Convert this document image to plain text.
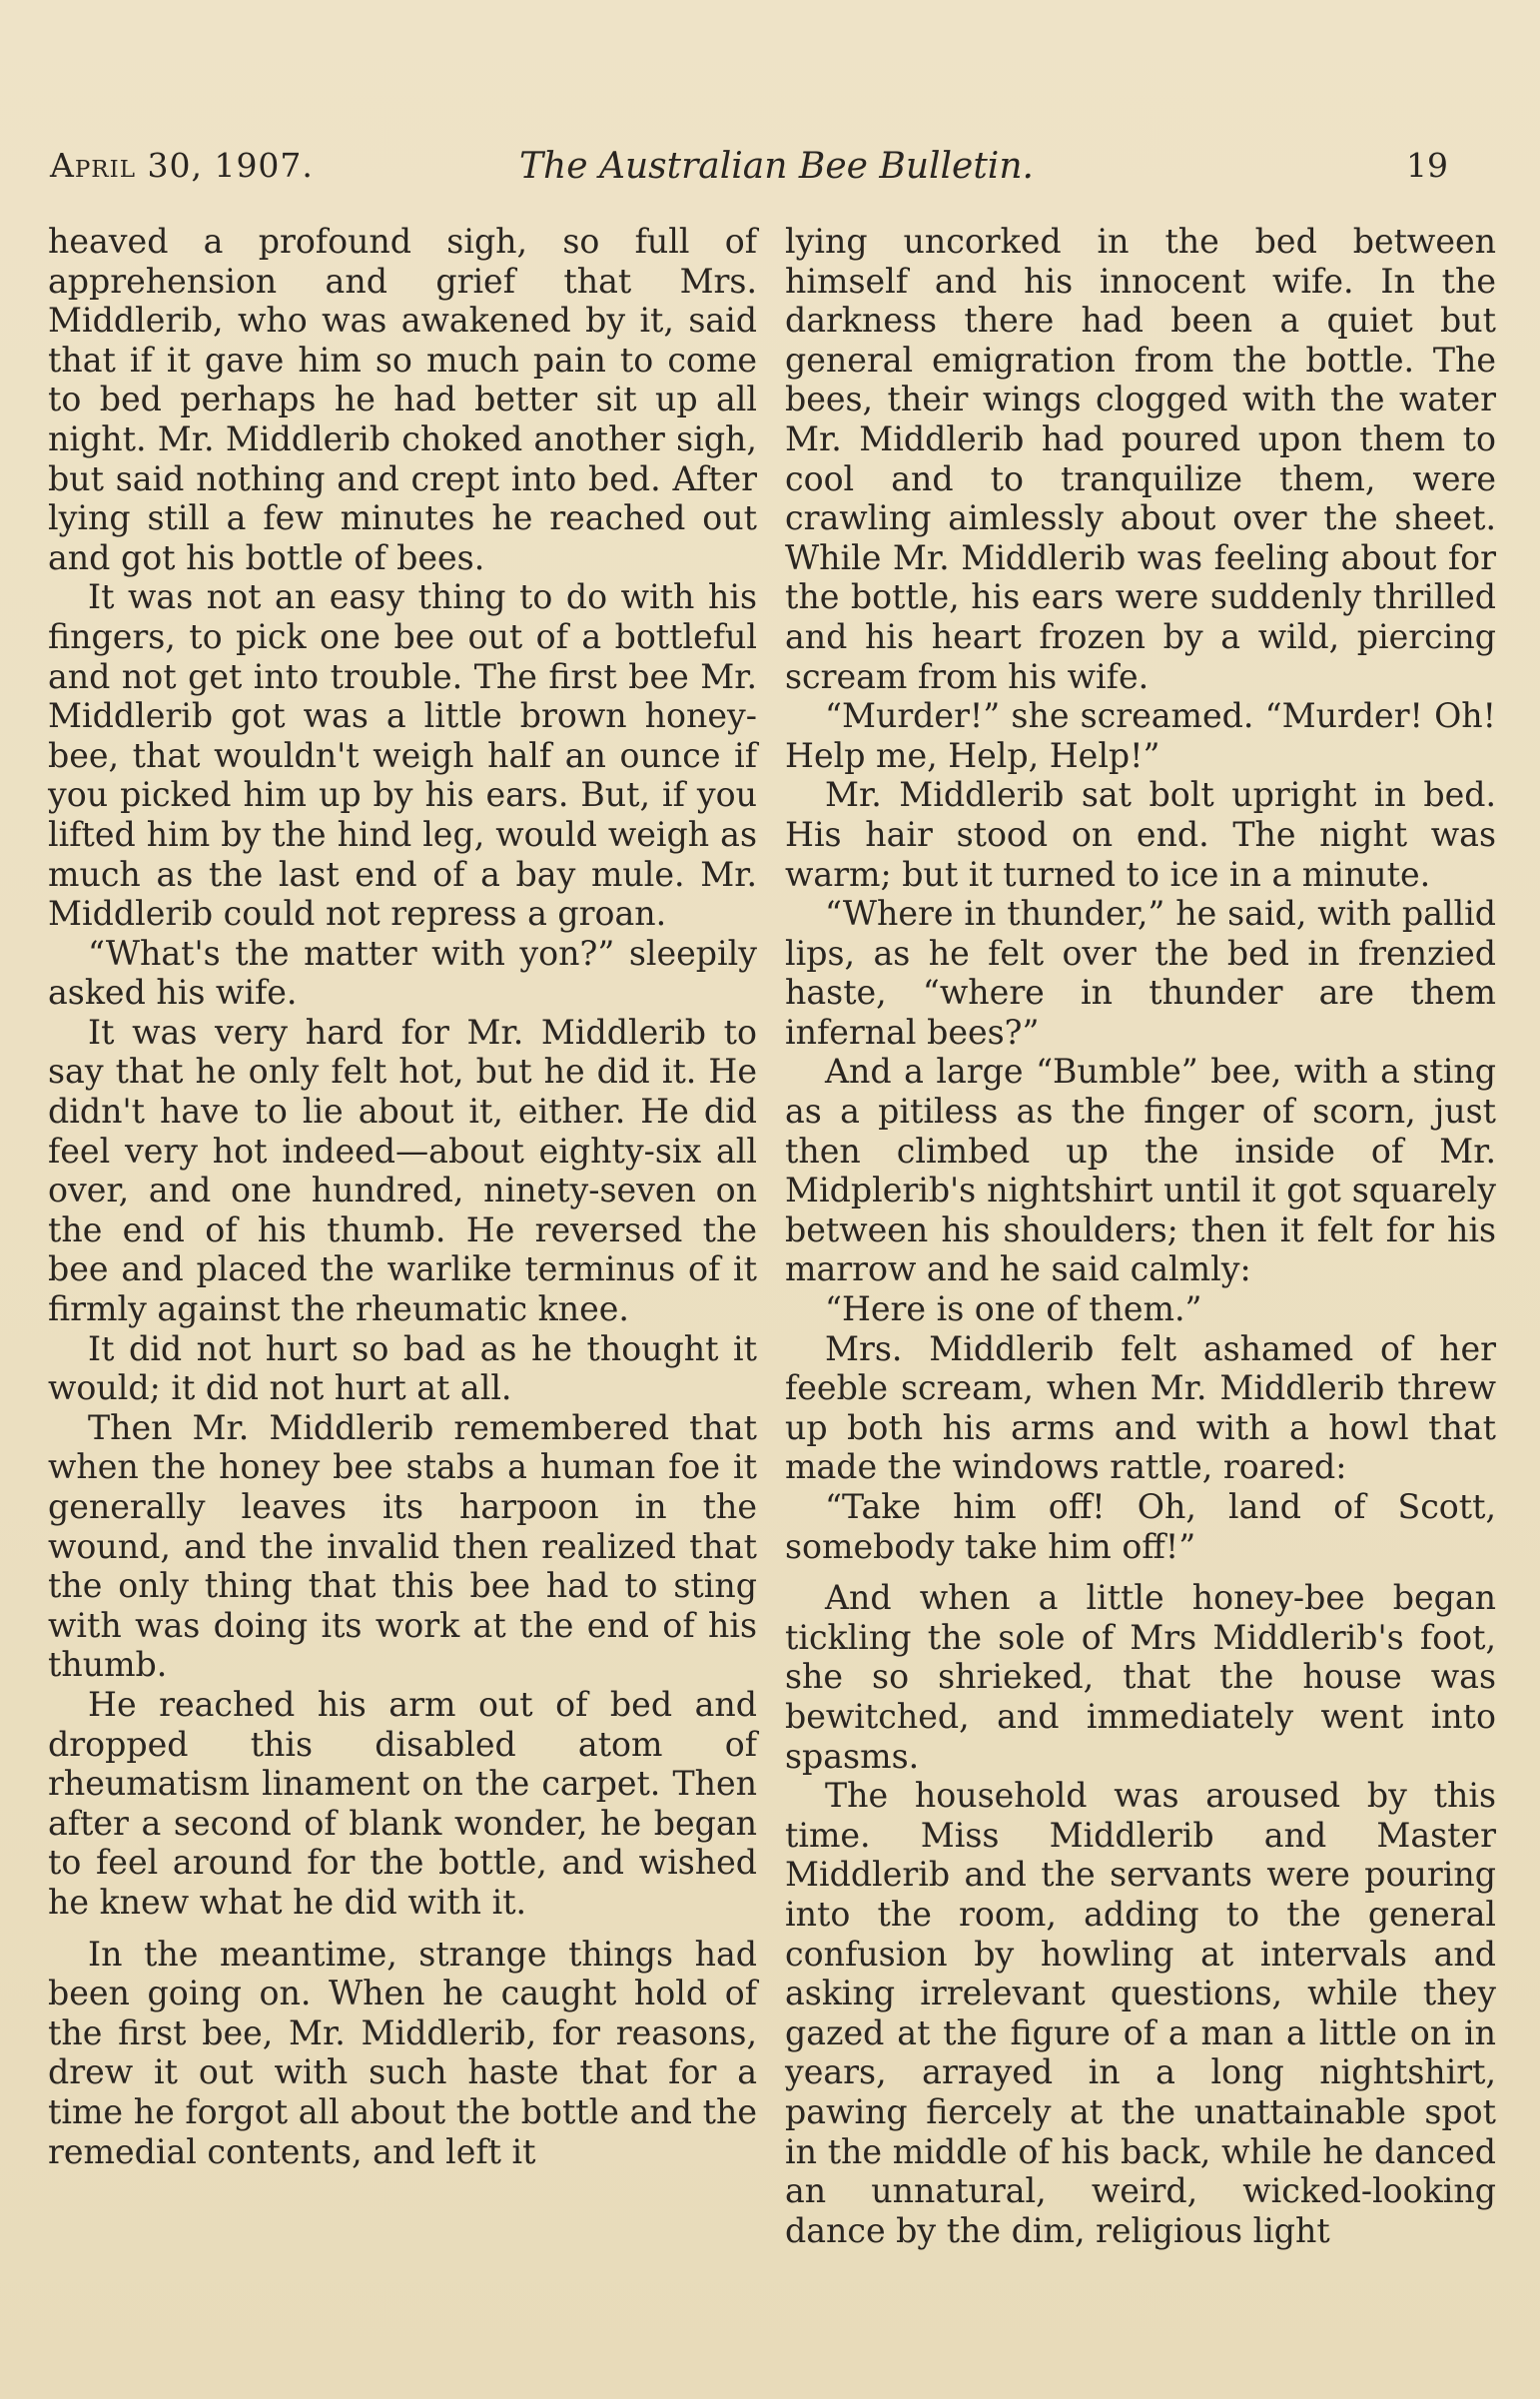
April 30, 1907.	The Australian Bee Bulletin.	19

heaved a profound sigh, so full of apprehension and grief that Mrs. Middlerib, who was awakened by it, said that if it gave him so much pain to come to bed perhaps he had better sit up all night. Mr. Middlerib choked another sigh, but said nothing and crept into bed. After lying still a few minutes he reached out and got his bottle of bees.

It was not an easy thing to do with his fingers, to pick one bee out of a bottleful and not get into trouble. The first bee Mr. Middlerib got was a little brown honey-bee, that wouldn't weigh half an ounce if you picked him up by his ears. But, if you lifted him by the hind leg, would weigh as much as the last end of a bay mule. Mr. Middlerib could not repress a groan.

“What's the matter with yon?” sleepily asked his wife.

It was very hard for Mr. Middlerib to say that he only felt hot, but he did it. He didn't have to lie about it, either. He did feel very hot indeed—about eighty-six all over, and one hundred, ninety-seven on the end of his thumb. He reversed the bee and placed the warlike terminus of it firmly against the rheumatic knee.

It did not hurt so bad as he thought it would; it did not hurt at all.

Then Mr. Middlerib remembered that when the honey bee stabs a human foe it generally leaves its harpoon in the wound, and the invalid then realized that the only thing that this bee had to sting with was doing its work at the end of his thumb.

He reached his arm out of bed and dropped this disabled atom of rheumatism linament on the carpet. Then after a second of blank wonder, he began to feel around for the bottle, and wished he knew what he did with it.

In the meantime, strange things had been going on. When he caught hold of the first bee, Mr. Middlerib, for reasons, drew it out with such haste that for a time he forgot all about the bottle and the remedial contents, and left it

lying uncorked in the bed between himself and his innocent wife. In the darkness there had been a quiet but general emigration from the bottle. The bees, their wings clogged with the water Mr. Middlerib had poured upon them to cool and to tranquilize them, were crawling aimlessly about over the sheet. While Mr. Middlerib was feeling about for the bottle, his ears were suddenly thrilled and his heart frozen by a wild, piercing scream from his wife.

“Murder!” she screamed. “Murder! Oh! Help me, Help, Help!”

Mr. Middlerib sat bolt upright in bed. His hair stood on end. The night was warm; but it turned to ice in a minute.

“Where in thunder,” he said, with pallid lips, as he felt over the bed in frenzied haste, “where in thunder are them infernal bees?”

And a large “Bumble” bee, with a sting as a pitiless as the finger of scorn, just then climbed up the inside of Mr. Midplerib's nightshirt until it got squarely between his shoulders; then it felt for his marrow and he said calmly:

“Here is one of them.”

Mrs. Middlerib felt ashamed of her feeble scream, when Mr. Middlerib threw up both his arms and with a howl that made the windows rattle, roared:

“Take him off! Oh, land of Scott, somebody take him off!”

And when a little honey-bee began tickling the sole of Mrs Middlerib's foot, she so shrieked, that the house was bewitched, and immediately went into spasms.

The household was aroused by this time. Miss Middlerib and Master Middlerib and the servants were pouring into the room, adding to the general confusion by howling at intervals and asking irrelevant questions, while they gazed at the figure of a man a little on in years, arrayed in a long nightshirt, pawing fiercely at the unattainable spot in the middle of his back, while he danced an unnatural, weird, wicked-looking dance by the dim, religious light
